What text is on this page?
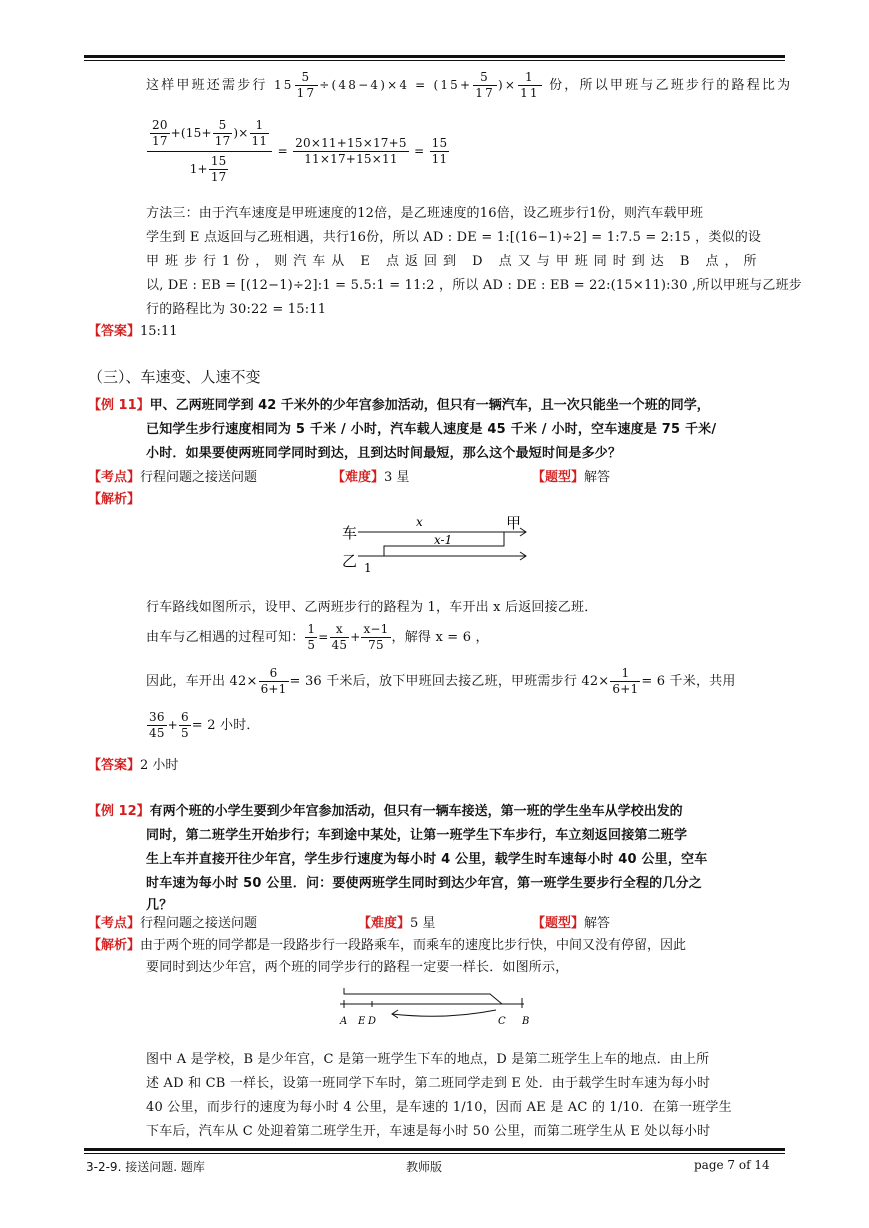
这样甲班还需步行 $15 \frac{5}{17} \div(48-4)\times 4 = (15+ \frac{5}{17}$ )× $\frac{1}{11}$ 份，所以甲班与乙班步行的路程比为
$\frac{\frac{20}{17} +(15+ \frac{5}{17} )\times \frac{1}{11}}{1+ \frac{15}{17}} = \frac{20\times 11+15\times 17+5}{11\times 17+15\times 11} = \frac{15}{11}$
方法三：由于汽车速度是甲班速度的12倍，是乙班速度的16倍，设乙班步行1份，则汽车载甲班
学生到 E 点返回与乙班相遇，共行16份，所以 AD : DE = 1:[(16−1)÷2] = 1:7.5 = 2:15 ，类似的设
甲班步行1份，则汽车从 E 点返回到 D 点又与甲班同时到达 B 点，所
以, DE : EB = [(12−1)÷2]:1 = 5.5:1 = 11:2 ，所以 AD : DE : EB = 22:(15×11):30 ,所以甲班与乙班步
行的路程比为 30:22 = 15:11
【答案】15:11
（三）、车速变、人速不变
【例 11】甲、乙两班同学到 42 千米外的少年宫参加活动，但只有一辆汽车，且一次只能坐一个班的同学，
已知学生步行速度相同为 5 千米 / 小时，汽车载人速度是 45 千米 / 小时，空车速度是 75 千米/
小时．如果要使两班同学同时到达，且到达时间最短，那么这个最短时间是多少？
【考点】行程问题之接送问题	【难度】3 星	【题型】解答
【解析】
车
甲
乙
x
x-1
1
行车路线如图所示，设甲、乙两班步行的路程为 1，车开出 x 后返回接乙班．
由车与乙相遇的过程可知： $\frac{1}{5} = \frac{x}{45} + \frac{x-1}{75}$ ，解得 x = 6 ，
因此，车开出 $42\times \frac{6}{6+1} = 36$ 千米后，放下甲班回去接乙班，甲班需步行 $42\times \frac{1}{6+1} = 6$ 千米，共用
$\frac{36}{45} + \frac{6}{5} = 2$ 小时．
【答案】2 小时
【例 12】有两个班的小学生要到少年宫参加活动，但只有一辆车接送，第一班的学生坐车从学校出发的
同时，第二班学生开始步行；车到途中某处，让第一班学生下车步行，车立刻返回接第二班学
生上车并直接开往少年宫，学生步行速度为每小时 4 公里，载学生时车速每小时 40 公里，空车
时车速为每小时 50 公里．问：要使两班学生同时到达少年宫，第一班学生要步行全程的几分之
几？
【考点】行程问题之接送问题	【难度】5 星	【题型】解答
【解析】由于两个班的同学都是一段路步行一段路乘车，而乘车的速度比步行快，中间又没有停留，因此
要同时到达少年宫，两个班的同学步行的路程一定要一样长．如图所示，
A E D	C B
图中 A 是学校，B 是少年宫，C 是第一班学生下车的地点，D 是第二班学生上车的地点．由上所
述 AD 和 CB 一样长，设第一班同学下车时，第二班同学走到 E 处．由于载学生时车速为每小时
40 公里，而步行的速度为每小时 4 公里，是车速的 1/10，因而 AE 是 AC 的 1/10．在第一班学生
下车后，汽车从 C 处迎着第二班学生开，车速是每小时 50 公里，而第二班学生从 E 处以每小时
3-2-9. 接送问题. 题库	教师版	page 7 of 14
